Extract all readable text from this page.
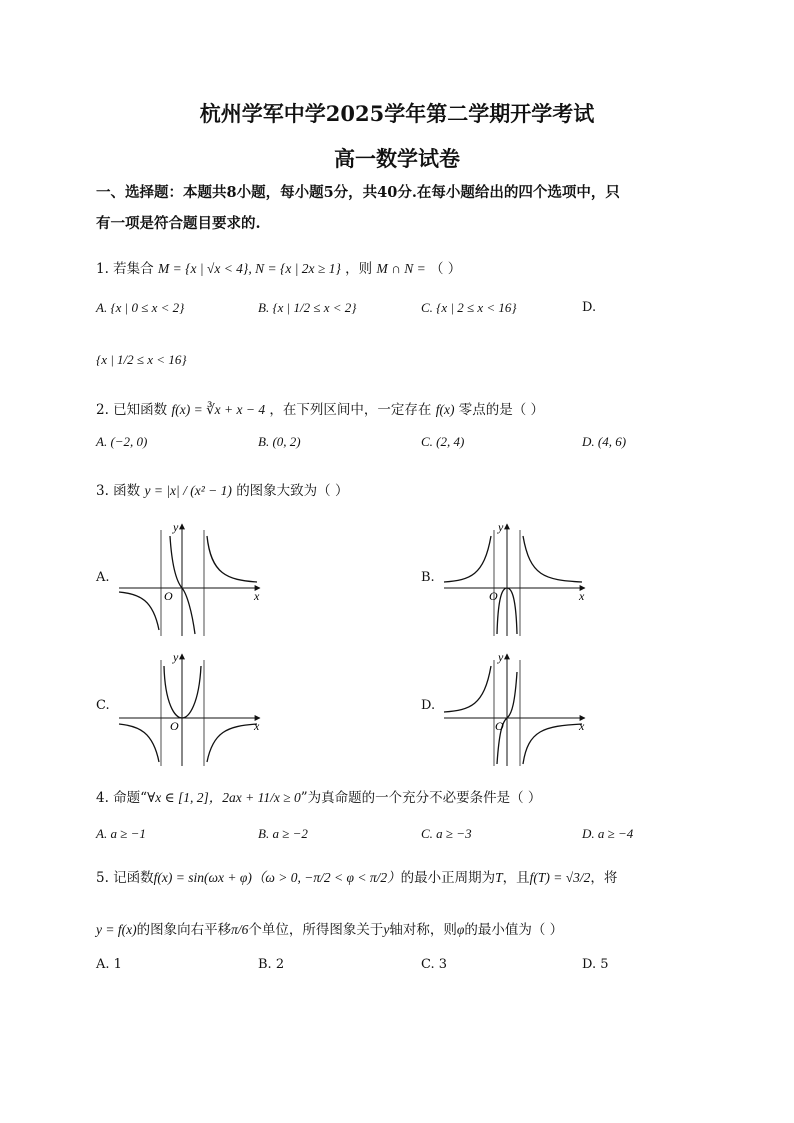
杭州学军中学2025学年第二学期开学考试
高一数学试卷
一、选择题：本题共8小题，每小题5分，共40分.在每小题给出的四个选项中，只
有一项是符合题目要求的.
1. 若集合 M = {x | √x < 4}, N = {x | 2x ≥ 1} ，则 M ∩ N = （ ）
A. {x | 0 ≤ x < 2}	B. {x | 1/2 ≤ x < 2}	C. {x | 2 ≤ x < 16}	D.
{x | 1/2 ≤ x < 16}
2. 已知函数 f(x) = ∛x + x − 4 ，在下列区间中，一定存在 f(x) 零点的是（ ）
A. (−2, 0)	B. (0, 2)	C. (2, 4)	D. (4, 6)
3. 函数 y = |x| / (x² − 1) 的图象大致为（ ）
A.	B.
C.	D.
y
x
O
y
x
O
y
x
O
y
x
O
4. 命题“∀x ∈ [1, 2]，2ax + 11/x ≥ 0”为真命题的一个充分不必要条件是（ ）
A. a ≥ −1	B. a ≥ −2	C. a ≥ −3	D. a ≥ −4
5. 记函数f(x) = sin(ωx + φ)（ω > 0, −π/2 < φ < π/2）的最小正周期为T，且f(T) = √3/2，将
y = f(x)的图象向右平移π/6个单位，所得图象关于y轴对称，则φ的最小值为（ ）
A. 1	B. 2	C. 3	D. 5
